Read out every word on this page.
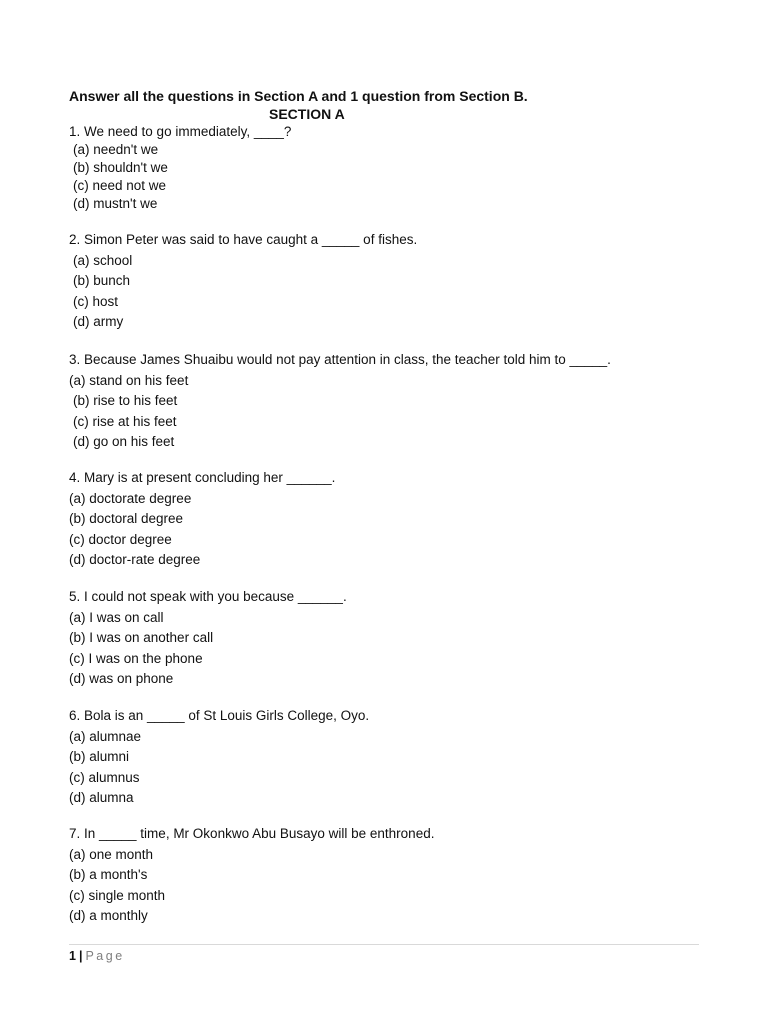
Answer all the questions in Section A and 1 question from Section B.
SECTION A
1. We need to go immediately, ____?
(a) needn't we
(b) shouldn't we
(c) need not we
(d) mustn't we
2. Simon Peter was said to have caught a _____ of fishes.
(a) school
(b) bunch
(c) host
(d) army
3. Because James Shuaibu would not pay attention in class, the teacher told him to _____.
(a) stand on his feet
(b) rise to his feet
(c) rise at his feet
(d) go on his feet
4. Mary is at present concluding her ______.
(a) doctorate degree
(b) doctoral degree
(c) doctor degree
(d) doctor-rate degree
5. I could not speak with you because ______.
(a) I was on call
(b) I was on another call
(c) I was on the phone
(d) was on phone
6. Bola is an _____ of St Louis Girls College, Oyo.
(a) alumnae
(b) alumni
(c) alumnus
(d) alumna
7. In _____ time, Mr Okonkwo Abu Busayo will be enthroned.
(a) one month
(b) a month's
(c) single month
(d) a monthly
1 | Page
